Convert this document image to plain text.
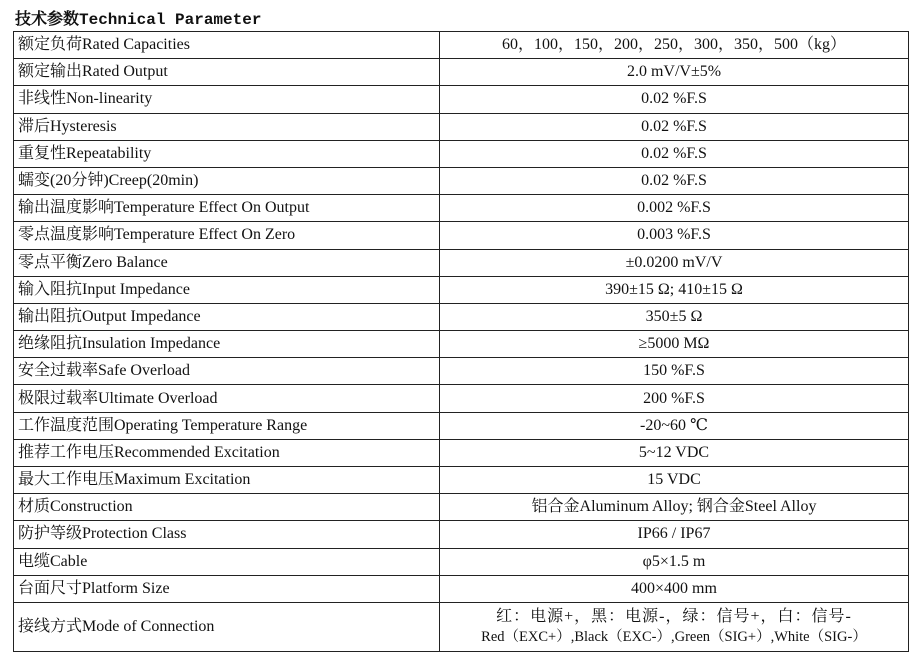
技术参数Technical Parameter
额定负荷Rated Capacities	60，100，150，200，250，300，350，500（kg）
额定输出Rated Output	2.0 mV/V±5%
非线性Non-linearity	0.02 %F.S
滞后Hysteresis	0.02 %F.S
重复性Repeatability	0.02 %F.S
蠕变(20分钟)Creep(20min)	0.02 %F.S
输出温度影响Temperature Effect On Output	0.002 %F.S
零点温度影响Temperature Effect On Zero	0.003 %F.S
零点平衡Zero Balance	±0.0200 mV/V
输入阻抗Input Impedance	390±15 Ω; 410±15 Ω
输出阻抗Output Impedance	350±5 Ω
绝缘阻抗Insulation Impedance	≥5000 MΩ
安全过载率Safe Overload	150 %F.S
极限过载率Ultimate Overload	200 %F.S
工作温度范围Operating Temperature Range	-20~60 ℃
推荐工作电压Recommended Excitation	5~12 VDC
最大工作电压Maximum Excitation	15 VDC
材质Construction	铝合金Aluminum Alloy; 钢合金Steel Alloy
防护等级Protection Class	IP66 / IP67
电缆Cable	φ5×1.5 m
台面尺寸Platform Size	400×400 mm
接线方式Mode of Connection	红：电源+，黑：电源-，绿：信号+，白：信号-
Red（EXC+）,Black（EXC-）,Green（SIG+）,White（SIG-）
